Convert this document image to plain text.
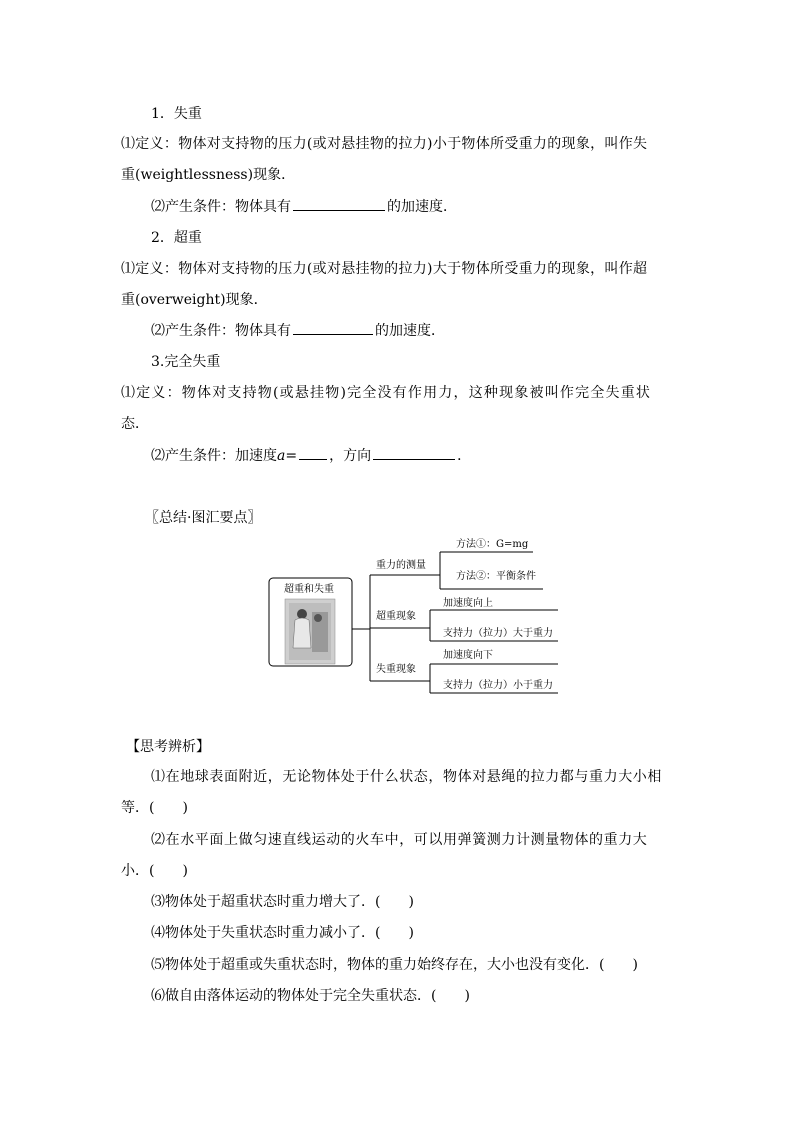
1．失重
⑴定义：物体对支持物的压力(或对悬挂物的拉力)小于物体所受重力的现象，叫作失
重(weightlessness)现象．
⑵产生条件：物体具有	的加速度．
2．超重
⑴定义：物体对支持物的压力(或对悬挂物的拉力)大于物体所受重力的现象，叫作超
重(overweight)现象．
⑵产生条件：物体具有	的加速度．
3.完全失重
⑴定义：物体对支持物(或悬挂物)完全没有作用力，这种现象被叫作完全失重状
态．
⑵产生条件：加速度a= ，方向	．
〖总结·图汇要点〗
超重和失重
重力的测量
方法①：G=mg
方法②：平衡条件
超重现象
加速度向上
支持力（拉力）大于重力
失重现象
加速度向下
支持力（拉力）小于重力
【思考辨析】
⑴在地球表面附近，无论物体处于什么状态，物体对悬绳的拉力都与重力大小相
等．(　　)
⑵在水平面上做匀速直线运动的火车中，可以用弹簧测力计测量物体的重力大
小．(　　)
⑶物体处于超重状态时重力增大了．(　　)
⑷物体处于失重状态时重力减小了．(　　)
⑸物体处于超重或失重状态时，物体的重力始终存在，大小也没有变化．(　　)
⑹做自由落体运动的物体处于完全失重状态．(　　)
